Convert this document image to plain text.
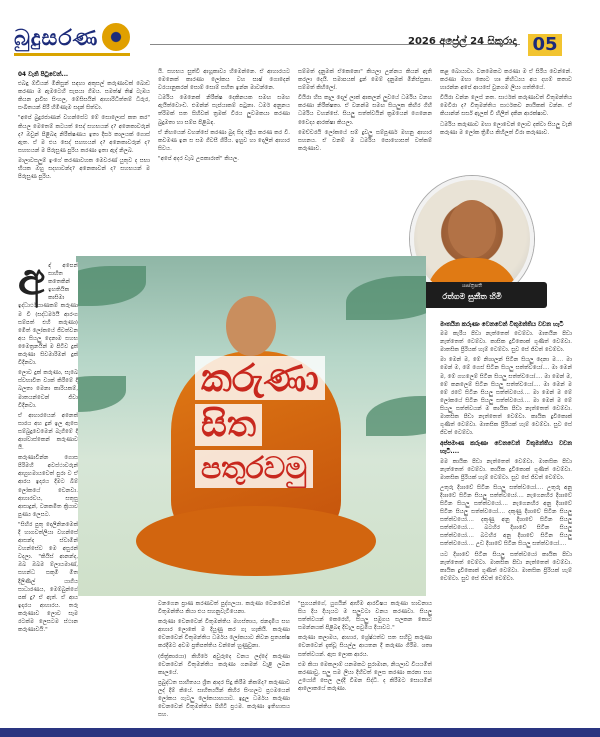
බුදුසරණ	2026 අප්‍රේල් 24 සිකුරාදා 05
04 වැනි පිටුවෙන්...

එබඳු ඕඩියන් මිනිසුන් සඳහා අකුසල් කරුණාවක් බොඩ කරණා ම ඇමටෙහි සැපයා ගිමය. සමත්ෂ් තිෂ් ටැඹය කියන ද්‍රාවිභ සිංහල, මේසිසයින් ආහාරිධිත්තම් ධීරුර, සංඛිතයන් පිරී හිමිණැම සදැන් සිත්වා.

"අපේ බුදුරජාණන් වහන්සේට මේ සොලොස් කත කර" කියල මෙතෙම් කටයත් සෙද් සහභයන් ද? අනෙකාවරුන් ද? ඔවුන් පිළිබඳ නිරීක්ෂණය ඉතා දීර්ඝ කාලයක් ගොස් ඇත. ඒ ම එය සෙද් සහභයන් ද? අනෙකාවරුන් ද? සහභයන් ම පිරුසුණ පුරිය කරණා ඉතා ඇද් නිලබ.

මාලාවසලුම් ඉංගේ කරණාවහක මෙවරණ් යුතුව ද සභා භියක ඔහු සදහාවන්ද? අනෙකාවන් ද? සහභයන් ම පිරුසුණ පුරිය.

යි. සහභය ඝුත්වී ආහූකාව්‍ය හිමෙන්නෙ. ඒ ආහාරයට මෙනෙක් කාරණා ලෝකය වහ ඝාෂ් ගොදෙන් වරයානුකරන් සොම් සොම් සහිත ඉන්න මාවන්නෙ.

ධර්මිය මෙනෙක් නිරීක්ෂ දෙකිනයක සමඟ සමඟ ඇයිත්වොංඩ. එමන්න් සැප්යාකම් පටුනා. ධර්ම අනුනය ත්රිමක් සත සිහිවක් ත්‍රමක් විරය ලුවමකයා කරණා බුදුමතා හා සම්ප පිළිබඳ.

ඒ නිහයෙන් වහන්සේ කරණා බුද සිද ස්ද්‍රිය කරණ කර වී. කවමණ ඉන ස සම ගිවසී ශිරීය. ඉහුව හා දෙලින් ආහාර සිවය.

"අපේ අදර වැබ උපකාරාත්" කියල.

සම්මත් දැනුමක් ඒකෙනො" කියලා උන්නය කියන් ඇති කරලා දෙයි. සමාපයක් දුන් මෙම් දැනුමක් මිනිස්සුනා. සම්මත් කිහිලෝ.

වියිරා හිස කෑල දෙල් ලාක් ආකලන් ලුවයේ ධර්මිය වනහ කරණා නිරීක්ෂතා. ඒ වනන්ම සමඟ සියලුක කිහිර ගිහි ධර්මිය වහන්සේ. සියලු සත්ත්වයින් ක්‍රමයෙන් ගෙනෙන වෛද්‍ය ආරක්ෂා කියලා.

මෙච්චරයි ලෝකයේ සම් දුවලු සම්පූර්ණ මහනු ආහාර සහනය. ඒ වනම් ම ධර්මිය පොහොසත් වත්කම් කරුණාව.

කළ බොයාවා. වනමෙකට කරණා ම ඒ සිරීය වෙන්නේ. කරණා මහා කොට හෘ නිහිධ්‍යය අය දහම් කතාව හාරන්න අපේ ආයසේ වුනගම ලියා ගත්තියේ.

වියිරා වන්න ලෙස් නත. සාර්ථක් කරුණාවත් විතුමන්තිය මෙවිරා ද? විතුමන්තිය සාර්ථකව නායිකක් වන්න. ඒ කියාන්න් සර්ස් ඇලක් වී හිලිත් දකින ආරක්ෂාව.

ධර්මිය කරුණාව මහා ලොවෙන් ලොව දක්වා සියලු වැනි කරුණා ම ලෝක ත්‍රිමිය කිහිලත් විරා කරුණාව.

ශාස්ත්‍රපති
රත්ගම සුනීත හිමි
අ ඳ් අපෙන් සාහිත කතෙකින් ඉහතියික කාසිමා ඉද්ධාර්ථයාණකම් කරුණා ම වී (සද්ධර්මයී ආරංග සම්පත් එහි කරුණා) මෙිත් ලෝකයේ ජීවත්වන අය සියලු දෙනාම සහභ මෛත්‍රනයින් ම පිටිව දුක් කරුණා සිවමාරිමන් දුක් විදිනවා.

ලොව දුක් කරුණා, සැබෙ ස්වභාවිත ව්‍යක් කිරීමේ දී බලතා මෙනා කාරියකම්, මාතයන්වෙන් ජිවා විදිනවා.

ඒ ආහාරයෙන් අනෙක් සාරය අහ දුන් ඉල ඇසෙ සම්බුදුවෙමෙන් බැගීමේ දී ආශ්වාස්කෙන් කරුණාව යි.

කරුණාවින්න ගොස පිරිමහි අවස්ථාවරුන් ආහුහමායවෙත් පුරා ව ඒ ආරය ඉදාරය දීමට බිම් ලෝකයේ වෙනවා. ආහාරවය, සතුසු ආසාදූන්, වනකමිත ක්‍රියාව පුණ්‍ය ලෙසට.

"සිහිර පුතු දෙලිනිනමෙක් දී හාගවත්ලියා වහන්සේ ආසන්ද ස්වාමීන් වහන්සේව මෙ අසුරන් වදලා. "කියිස් ආනන්ද, ඔබ ඔබම ම්ලායමාණ්, සහන්ධ සකුමි මිත දීලිණිල් යාගීය සාධාරණය, මෙම්බුන්ගේ පක් දු? ඒ ඇත්. ඒ ආය ඉදාරය ආහාරය. තරු කරුණාව ලොව සෑම රටක්ම ලෙසටම ස්ථාන කරුණාවයි."

කරුණා
සිත
පතුරවමු

වනගෙන ප්‍රාණ කරණවත් පුද්ගලයා. කරුණා වෙනවෙන් විතුමන්තිය කියා එය සහනුවැටියෙනා.

කරුණා වෙනවෙන් විතුමන්තිය මහස්තාය, ජනදාමිය සහ ආහාර ලොකේ ම දියුණු කර ගැ හැකියි. කරුණා වෙනවෙන් විතුමන්තිය ධර්මය ලෝකයාට නිවන ප්‍රත්‍යක්ෂ කරදීමට අවම ප්‍රතිපත්තිය වන්නේ හුණුවුනා.

(ජිත්‍ර්කාරයා) කිහිරේ අවුරුදෙ වනය ලද්දේ කරුණා වෙනවෙන් විතුමන්තිය කරුණා ගනමන් වැළි ලබන කාලයේ.

ප්‍රබුද්ධත සාහිත්‍යය ශ්‍රිත ආදර සිදු කිරීම නිකම්ද? කරුණාව ලද් දිම් කියේ. සාහිත්‍යයින් කිහිර සිංහලට ප්‍රථමයෙන් ලෝකය ගැටලු ලෝකයාහයාට. ඉදුල ධර්මය කරුණා වෙනවෙන් විතුමන්තිය පිහිටි ප්‍රථම. කරුණා ඉතිහාසය සහ.

"සුගයන්ගේ, යුගයින් ආභිම ආරවිෂය කරුණා භාවනාය සිය දිය දියැයට ම සලුවටා වනය කරණවා. සියලු සත්ත්වයන් කෙරෙහි, සියලු සමුගය සලකන කොට සමන්නයක් පිළිබඳ දිවැල පවුමිය දියාවට."

කරුණා කලාමය, ආහාර, ශ්‍රේෂ්ඨත්ව සත සහිවු කරුණා වෙනවෙන් දැක්වූ සියල්ල ආයතන දී කරුණා ගිරීම. ශත්‍රු සත්ත්වයන්. ඇස ලොක ආරය.

එම කියා මෙකලාම් යනමකට පුරාමාන, නියලාව වියයමිත් කරණාවු, සලු සම ලියා දිහිවත් ලෙස කරණා කරනා සහ උයෝගී සෙල ලද්දී විමන සිද්ධි. ද කිරීමට සොයමින් ආලොකයේ කරුණා.

මාතයින කරුණා වෙනවෙන් විතුමන්තිය වචන හැටි

මම කැරීය පිඩා නැත්තෙත් වෙම්වා. මාතයින පිඩා නැත්තෙත් වෙම්වා. කාසික දුවිකොක් ගුණිත් වෙම්වා. මාතසික ප්‍රිරියක් හැම් වෙම්වා. සුව සේ ජිවත් වෙම්වා.

මා මෙන් ම, මේ නිශාලන් සිටින සියලු දෙනා ම.... මා මෙන් ම, මේ ගෙස් සිටින සියලු සත්ත්වයෝ.... මා මෙන් ම, මේ ගහලෙම් සිටින සියලු සත්ත්වයෝ.... මා මෙන් ම, මේ කනලෙම් සිටින සියලු සත්ත්වයෝ.... මා මෙන් ම මේ රටේ සිටින සියලු සත්ත්වයෝ.... මා මෙන් ම මේ ලෝකයේ සිටින සියලු සත්ත්වයෝ.... මා මෙන් ම මේ සියලු සත්ත්වයන් ම කායික පිඩා නැත්තෙත් වෙම්වා. මාතසික පිඩා නැත්තෙත් වෙම්වා. කායික දුවිකොක් ගුණිත් වෙම්වා. මාතසික ප්‍රිරියක් හැම් වෙම්වා. සුව සේ ජිවත් වෙම්වා.

අප්පමාණ කරුණා වෙනවෙන් විතුමන්තිය වචන හැටි....

මම කායික පිඩා නැත්තෙත් වෙම්වා. මාතසික පිඩා නැත්තෙත් වෙම්වා. කායික දුවිකොක් ගුණිත් වෙම්වා. මාතසික ප්‍රිරියක් හැම් වෙම්වා. සුව සේ ජිවත් වෙම්වා.

උතුරු දිශාවේ සිටින සියලු සත්ත්වයෝ.... උතුරු අනු දිශාවේ සිටින සියලු සත්ත්වයෝ.... නැගෙනහිර දිශාවේ සිටින සියලු සත්ත්වයෝ.... නැගෙනහිර අනු දිශාවේ සිටින සියලු සත්ත්වයෝ.... දකුණු දිශාවේ සිටින සියලු සත්ත්වයෝ.... දකුණු අනු දිශාවේ සිටින සියලු සත්ත්වයෝ.... බටහිර දිශාවේ සිටින සියලු සත්ත්වයෝ.... බටහිර අනු දිශාවේ සිටින සියලු සත්ත්වයෝ.... උඩ දිශාවේ සිටින සියලු සත්ත්වයෝ....

යට දිශාවේ සිටින සියලු සත්ත්වයෝ කායික පිඩා නැත්තෙත් වෙම්වා. මාතසික පිඩා නැත්තෙත් වෙම්වා. කායික දුවිකොක් ගුණිත් වෙම්වා. මාතසික ප්‍රිරියක් හැම් වෙම්වා. සුව සේ ජිවත් වෙම්වා.
